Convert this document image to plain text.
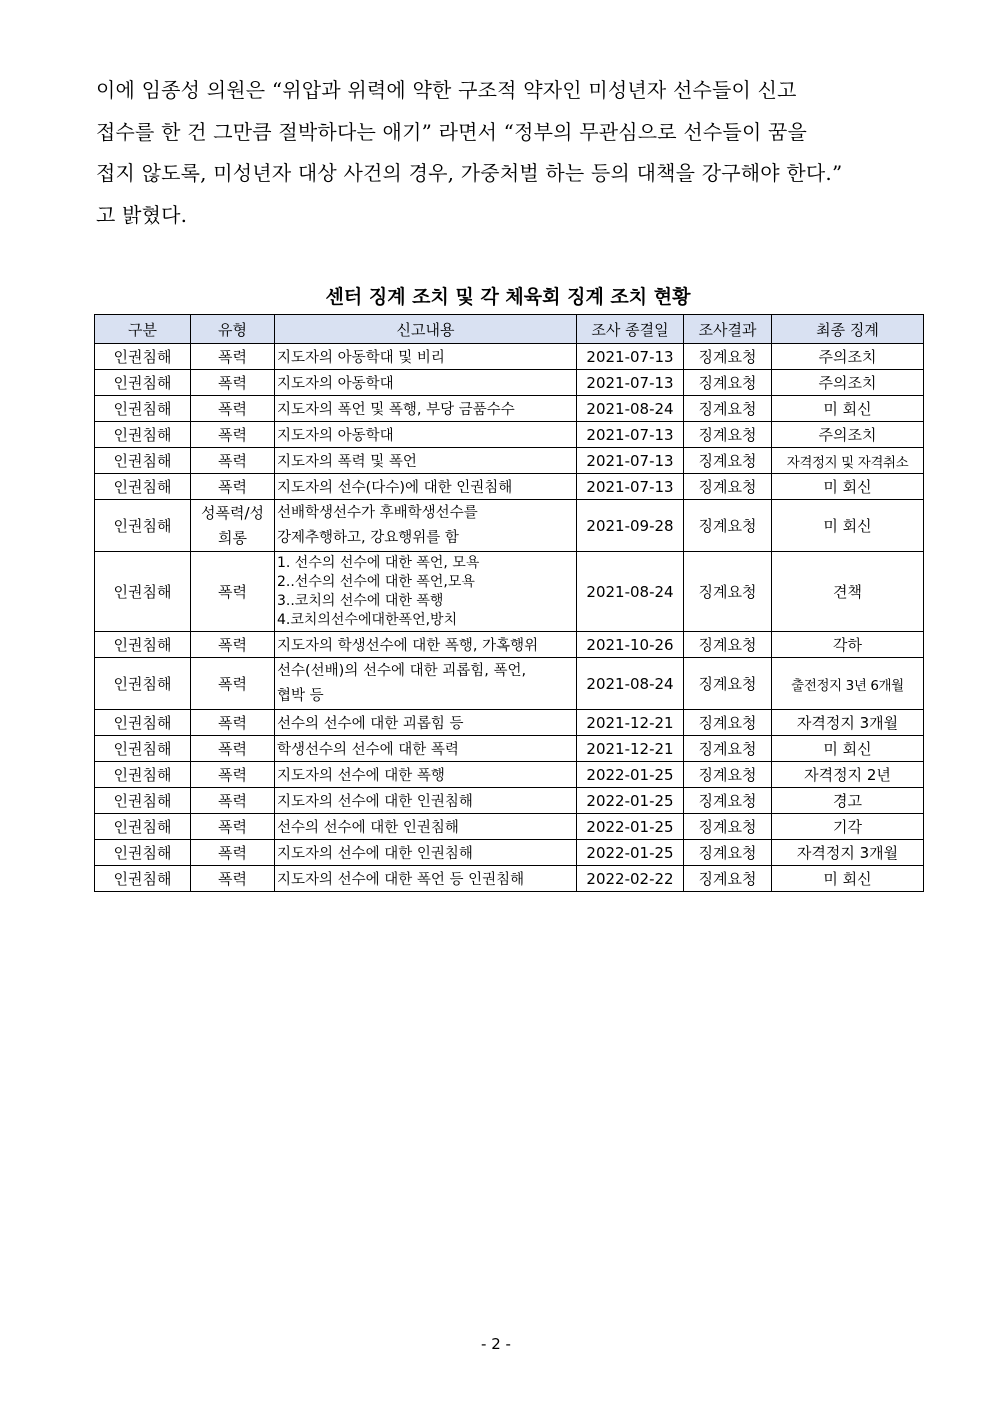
이에 임종성 의원은 “위압과 위력에 약한 구조적 약자인 미성년자 선수들이 신고
접수를 한 건 그만큼 절박하다는 애기” 라면서 “정부의 무관심으로 선수들이 꿈을
접지 않도록, 미성년자 대상 사건의 경우, 가중처벌 하는 등의 대책을 강구해야 한다.”
고 밝혔다.
센터 징계 조치 및 각 체육회 징계 조치 현황
구분	유형	신고내용	조사 종결일	조사결과	최종 징계
인권침해	폭력	지도자의 아동학대 및 비리	2021-07-13	징계요청	주의조치
인권침해	폭력	지도자의 아동학대	2021-07-13	징계요청	주의조치
인권침해	폭력	지도자의 폭언 및 폭행, 부당 금품수수	2021-08-24	징계요청	미 회신
인권침해	폭력	지도자의 아동학대	2021-07-13	징계요청	주의조치
인권침해	폭력	지도자의 폭력 및 폭언	2021-07-13	징계요청	자격정지 및 자격취소
인권침해	폭력	지도자의 선수(다수)에 대한 인권침해	2021-07-13	징계요청	미 회신
인권침해	성폭력/성희롱	선배학생선수가 후배학생선수를
강제추행하고, 강요행위를 함	2021-09-28	징계요청	미 회신
인권침해	폭력	1. 선수의 선수에 대한 폭언, 모욕
2..선수의 선수에 대한 폭언,모욕
3..코치의 선수에 대한 폭행
4.코치의선수에대한폭언,방치	2021-08-24	징계요청	견책
인권침해	폭력	지도자의 학생선수에 대한 폭행, 가혹행위	2021-10-26	징계요청	각하
인권침해	폭력	선수(선배)의 선수에 대한 괴롭힘, 폭언,
협박 등	2021-08-24	징계요청	출전정지 3년 6개월
인권침해	폭력	선수의 선수에 대한 괴롭힘 등	2021-12-21	징계요청	자격정지 3개월
인권침해	폭력	학생선수의 선수에 대한 폭력	2021-12-21	징계요청	미 회신
인권침해	폭력	지도자의 선수에 대한 폭행	2022-01-25	징계요청	자격정지 2년
인권침해	폭력	지도자의 선수에 대한 인권침해	2022-01-25	징계요청	경고
인권침해	폭력	선수의 선수에 대한 인권침해	2022-01-25	징계요청	기각
인권침해	폭력	지도자의 선수에 대한 인권침해	2022-01-25	징계요청	자격정지 3개월
인권침해	폭력	지도자의 선수에 대한 폭언 등 인권침해	2022-02-22	징계요청	미 회신
- 2 -
